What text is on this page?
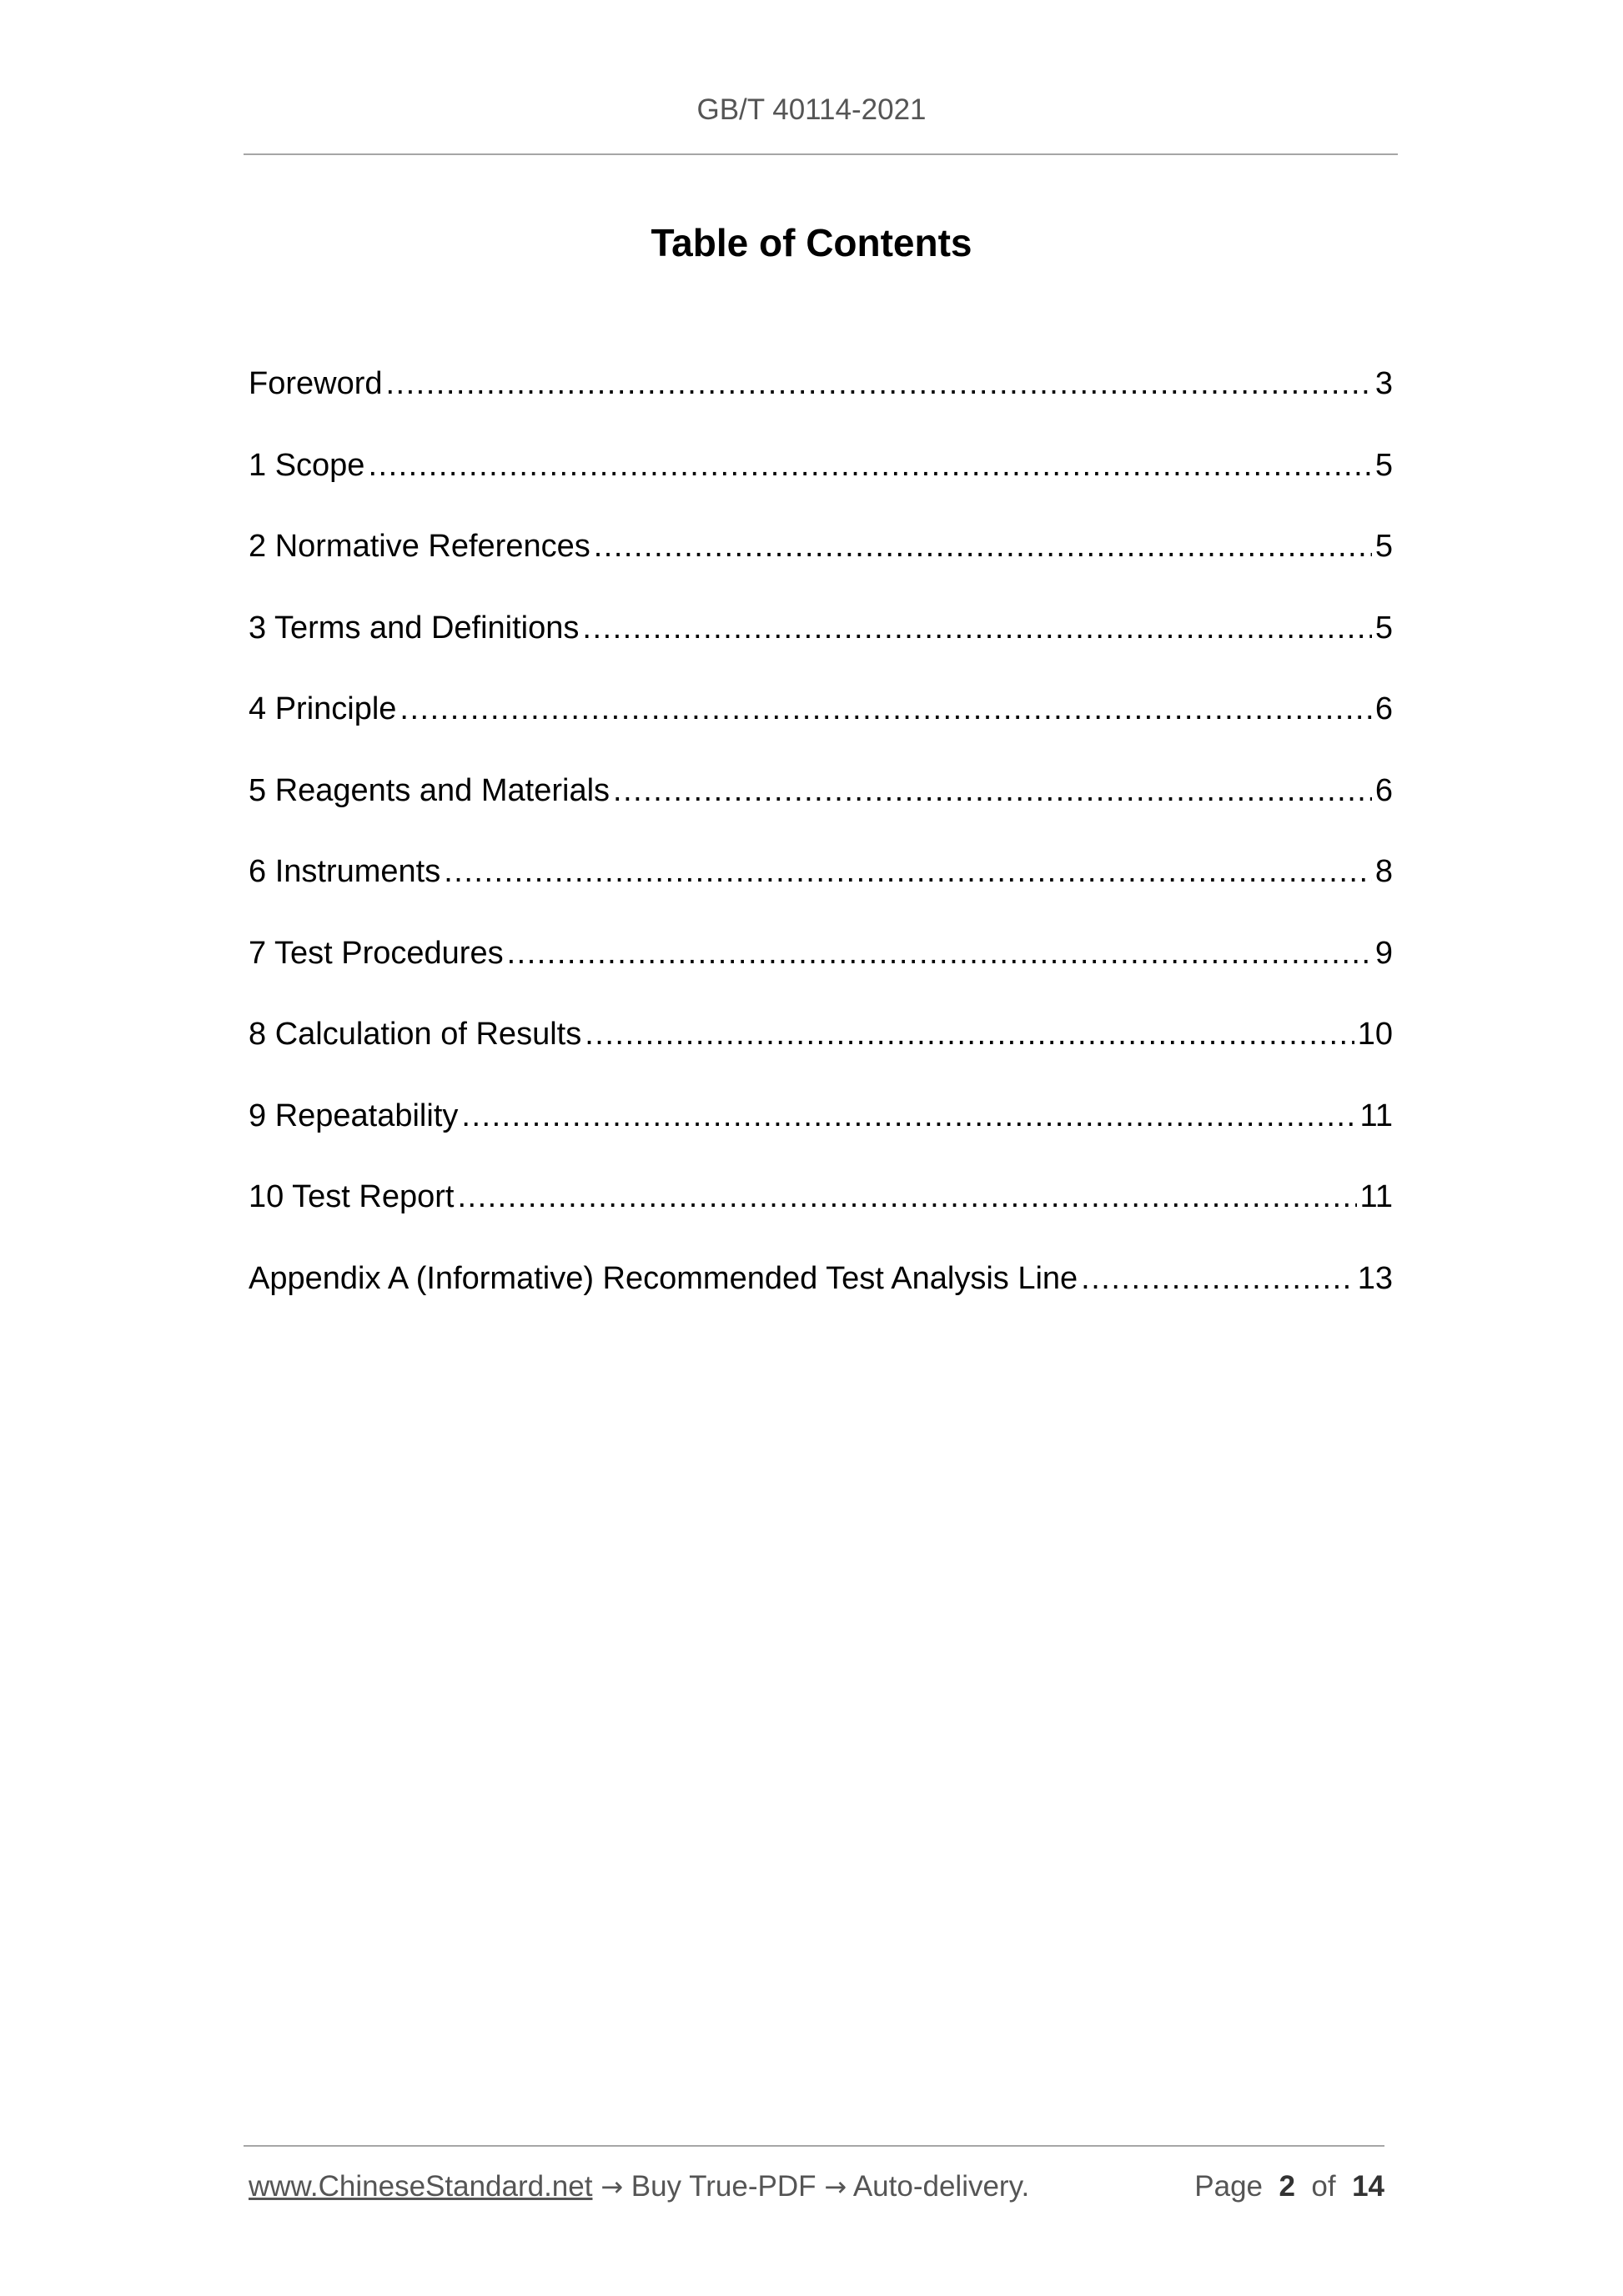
GB/T 40114-2021
Table of Contents
Foreword .....	3
1 Scope .....	5
2 Normative References .....	5
3 Terms and Definitions .....	5
4 Principle .....	6
5 Reagents and Materials .....	6
6 Instruments .....	8
7 Test Procedures .....	9
8 Calculation of Results .....	10
9 Repeatability .....	11
10 Test Report .....	11
Appendix A (Informative) Recommended Test Analysis Line .....	13
www.ChineseStandard.net → Buy True-PDF → Auto-delivery.	Page 2 of 14
